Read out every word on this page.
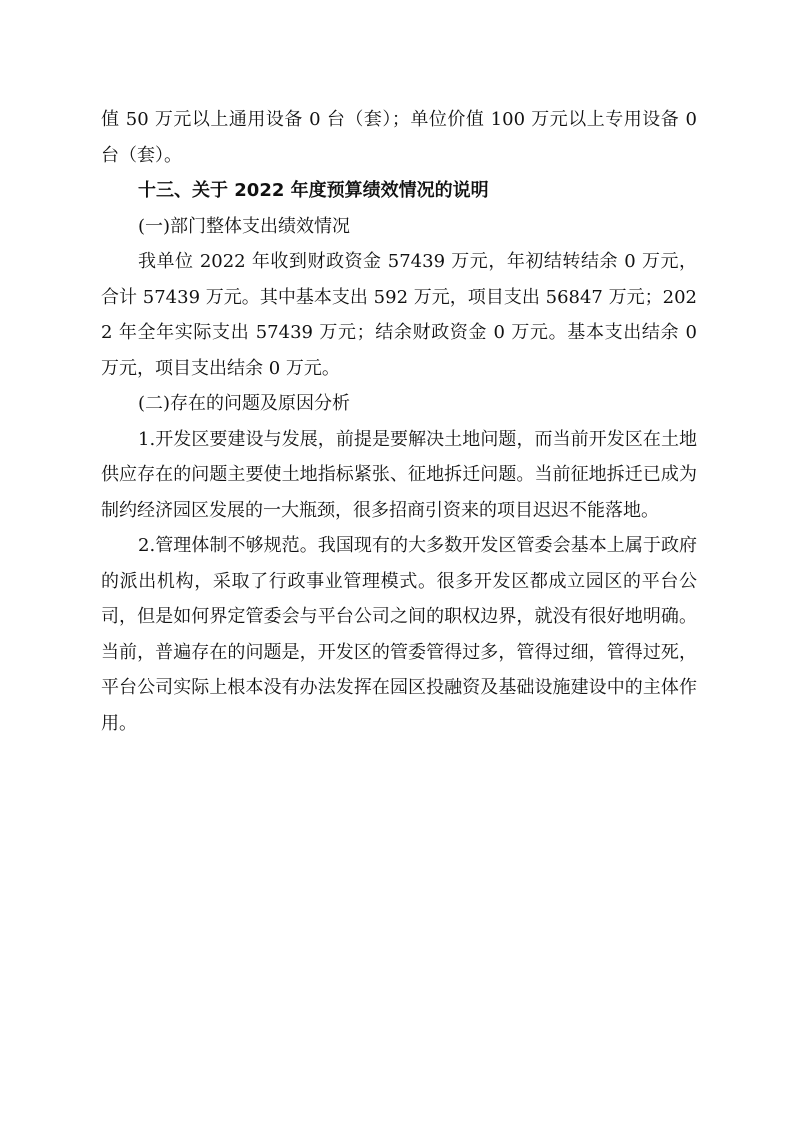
值 50 万元以上通用设备 0 台（套）；单位价值 100 万元以上专用设备 0 台（套）。

十三、关于 2022 年度预算绩效情况的说明

(一)部门整体支出绩效情况

我单位 2022 年收到财政资金 57439 万元，年初结转结余 0 万元，合计 57439 万元。其中基本支出 592 万元，项目支出 56847 万元；2022 年全年实际支出 57439 万元；结余财政资金 0 万元。基本支出结余 0 万元，项目支出结余 0 万元。

(二)存在的问题及原因分析

1.开发区要建设与发展，前提是要解决土地问题，而当前开发区在土地供应存在的问题主要使土地指标紧张、征地拆迁问题。当前征地拆迁已成为制约经济园区发展的一大瓶颈，很多招商引资来的项目迟迟不能落地。

2.管理体制不够规范。我国现有的大多数开发区管委会基本上属于政府的派出机构，采取了行政事业管理模式。很多开发区都成立园区的平台公司，但是如何界定管委会与平台公司之间的职权边界，就没有很好地明确。当前，普遍存在的问题是，开发区的管委管得过多，管得过细，管得过死，平台公司实际上根本没有办法发挥在园区投融资及基础设施建设中的主体作用。
